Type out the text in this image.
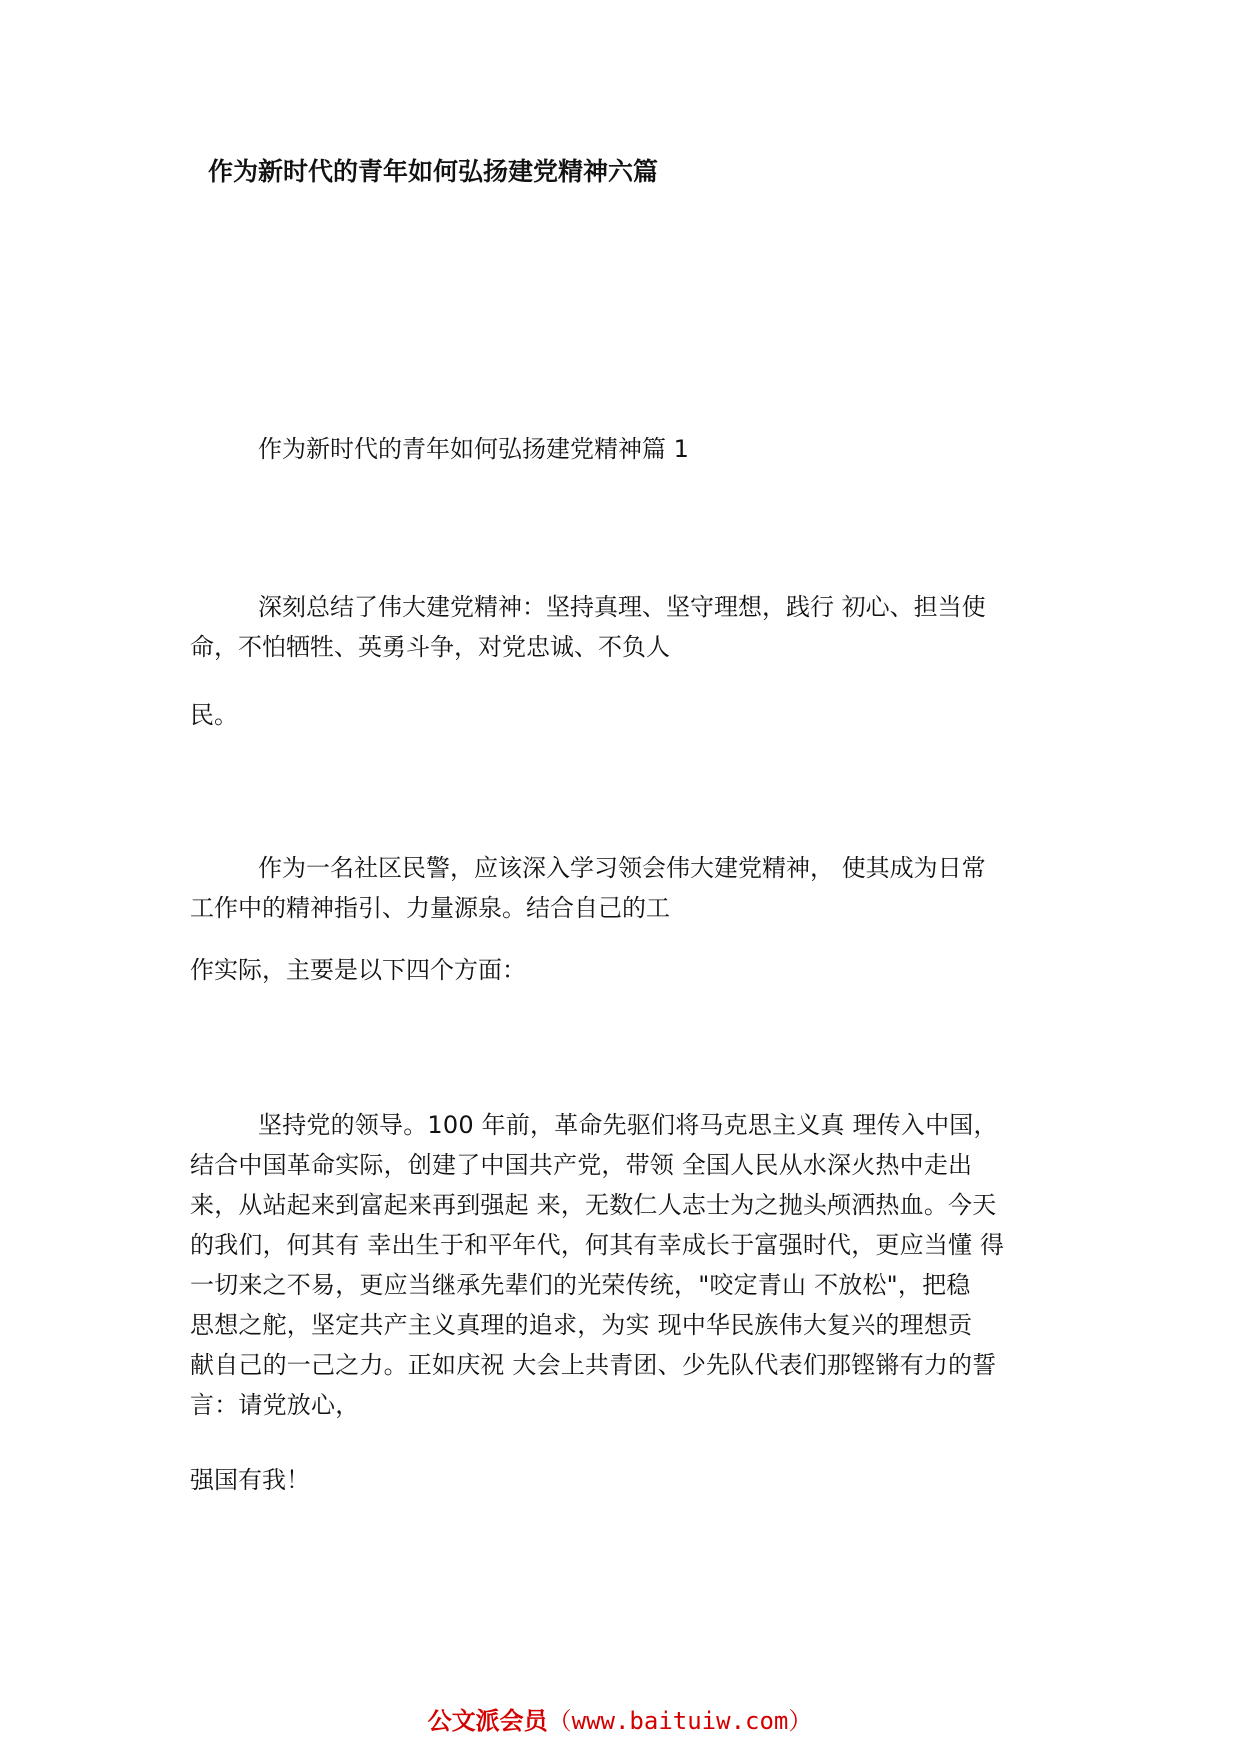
作为新时代的青年如何弘扬建党精神六篇
作为新时代的青年如何弘扬建党精神篇 1
深刻总结了伟大建党精神：坚持真理、坚守理想，践行 初心、担当使
命，不怕牺牲、英勇斗争，对党忠诚、不负人
民。
作为一名社区民警，应该深入学习领会伟大建党精神， 使其成为日常
工作中的精神指引、力量源泉。结合自己的工
作实际，主要是以下四个方面：
坚持党的领导。100 年前，革命先驱们将马克思主义真 理传入中国，
结合中国革命实际，创建了中国共产党，带领 全国人民从水深火热中走出
来，从站起来到富起来再到强起 来，无数仁人志士为之抛头颅洒热血。今天
的我们，何其有 幸出生于和平年代，何其有幸成长于富强时代，更应当懂 得
一切来之不易，更应当继承先辈们的光荣传统，"咬定青山 不放松"，把稳
思想之舵，坚定共产主义真理的追求，为实 现中华民族伟大复兴的理想贡
献自己的一己之力。正如庆祝 大会上共青团、少先队代表们那铿锵有力的誓
言：请党放心，
强国有我！
公文派会员（www.baituiw.com）
